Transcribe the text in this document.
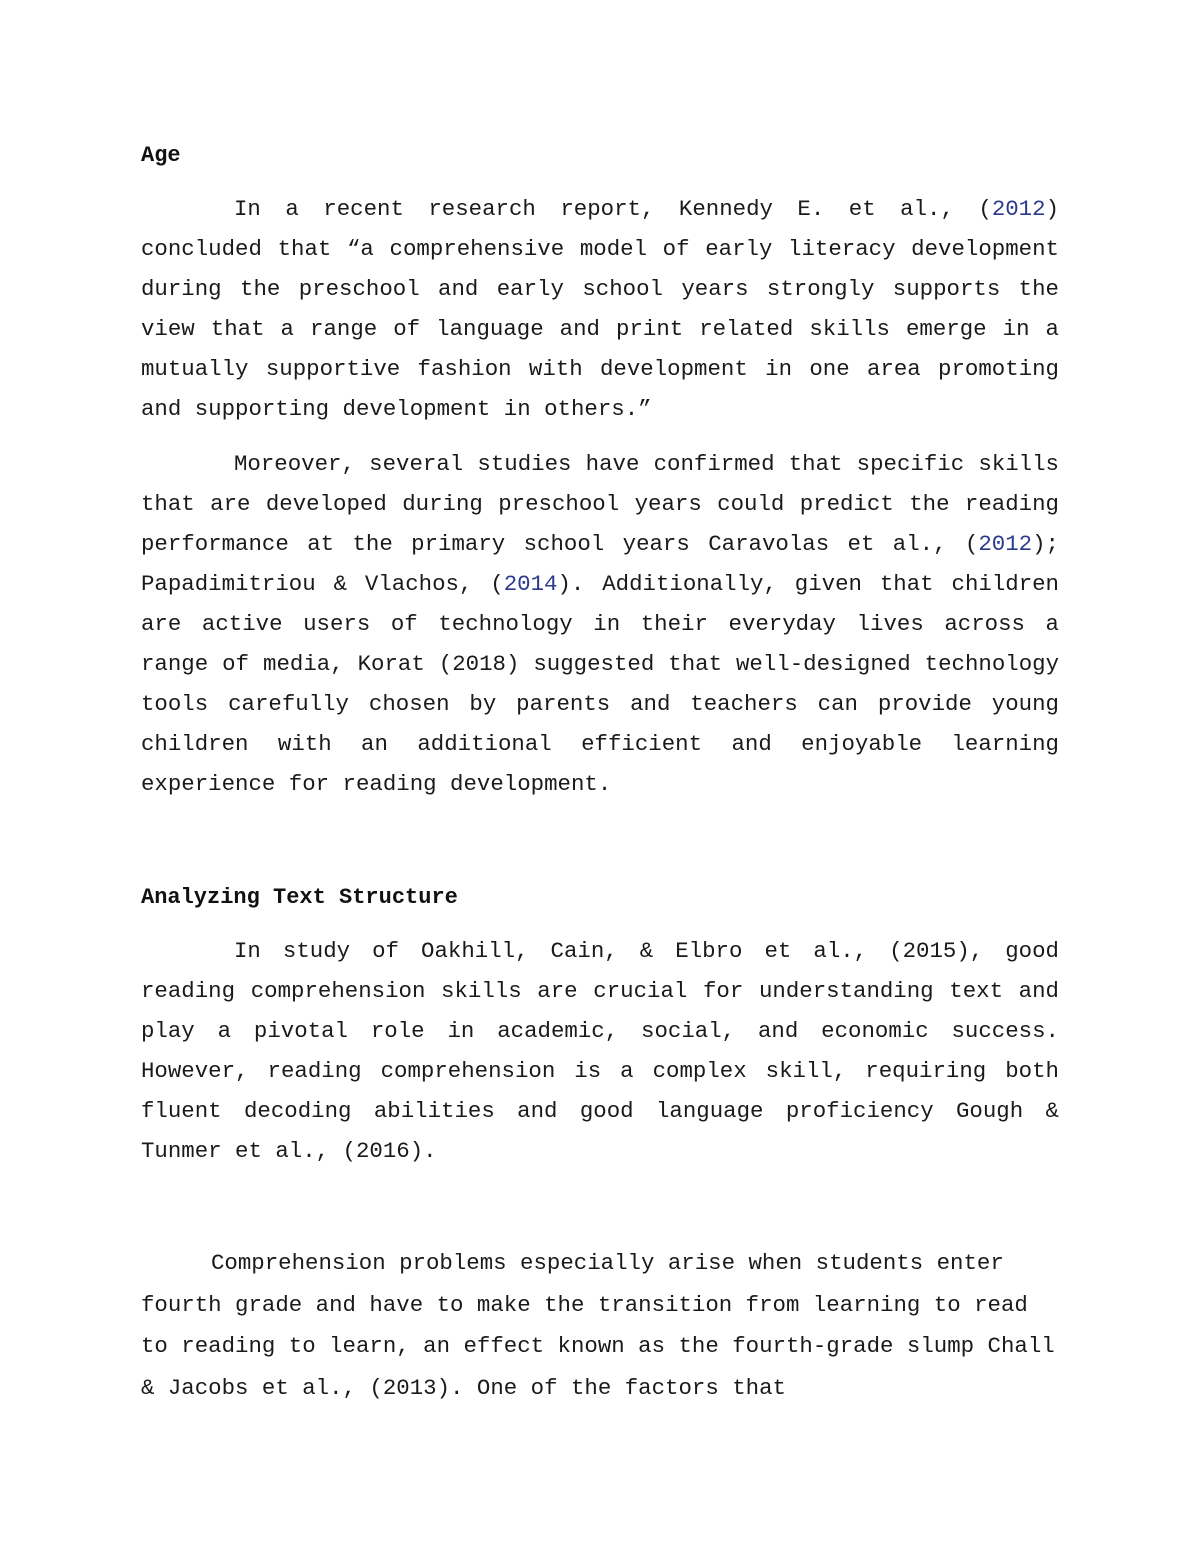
Age

In a recent research report, Kennedy E. et al., (2012) concluded that “a comprehensive model of early literacy development during the preschool and early school years strongly supports the view that a range of language and print related skills emerge in a mutually supportive fashion with development in one area promoting and supporting development in others.”

Moreover, several studies have confirmed that specific skills that are developed during preschool years could predict the reading performance at the primary school years Caravolas et al., (2012); Papadimitriou & Vlachos, (2014). Additionally, given that children are active users of technology in their everyday lives across a range of media, Korat (2018) suggested that well-designed technology tools carefully chosen by parents and teachers can provide young children with an additional efficient and enjoyable learning experience for reading development.

Analyzing Text Structure

In study of Oakhill, Cain, & Elbro et al., (2015), good reading comprehension skills are crucial for understanding text and play a pivotal role in academic, social, and economic success. However, reading comprehension is a complex skill, requiring both fluent decoding abilities and good language proficiency Gough & Tunmer et al., (2016).

Comprehension problems especially arise when students enter fourth grade and have to make the transition from learning to read to reading to learn, an effect known as the fourth-grade slump Chall & Jacobs et al., (2013). One of the factors that
